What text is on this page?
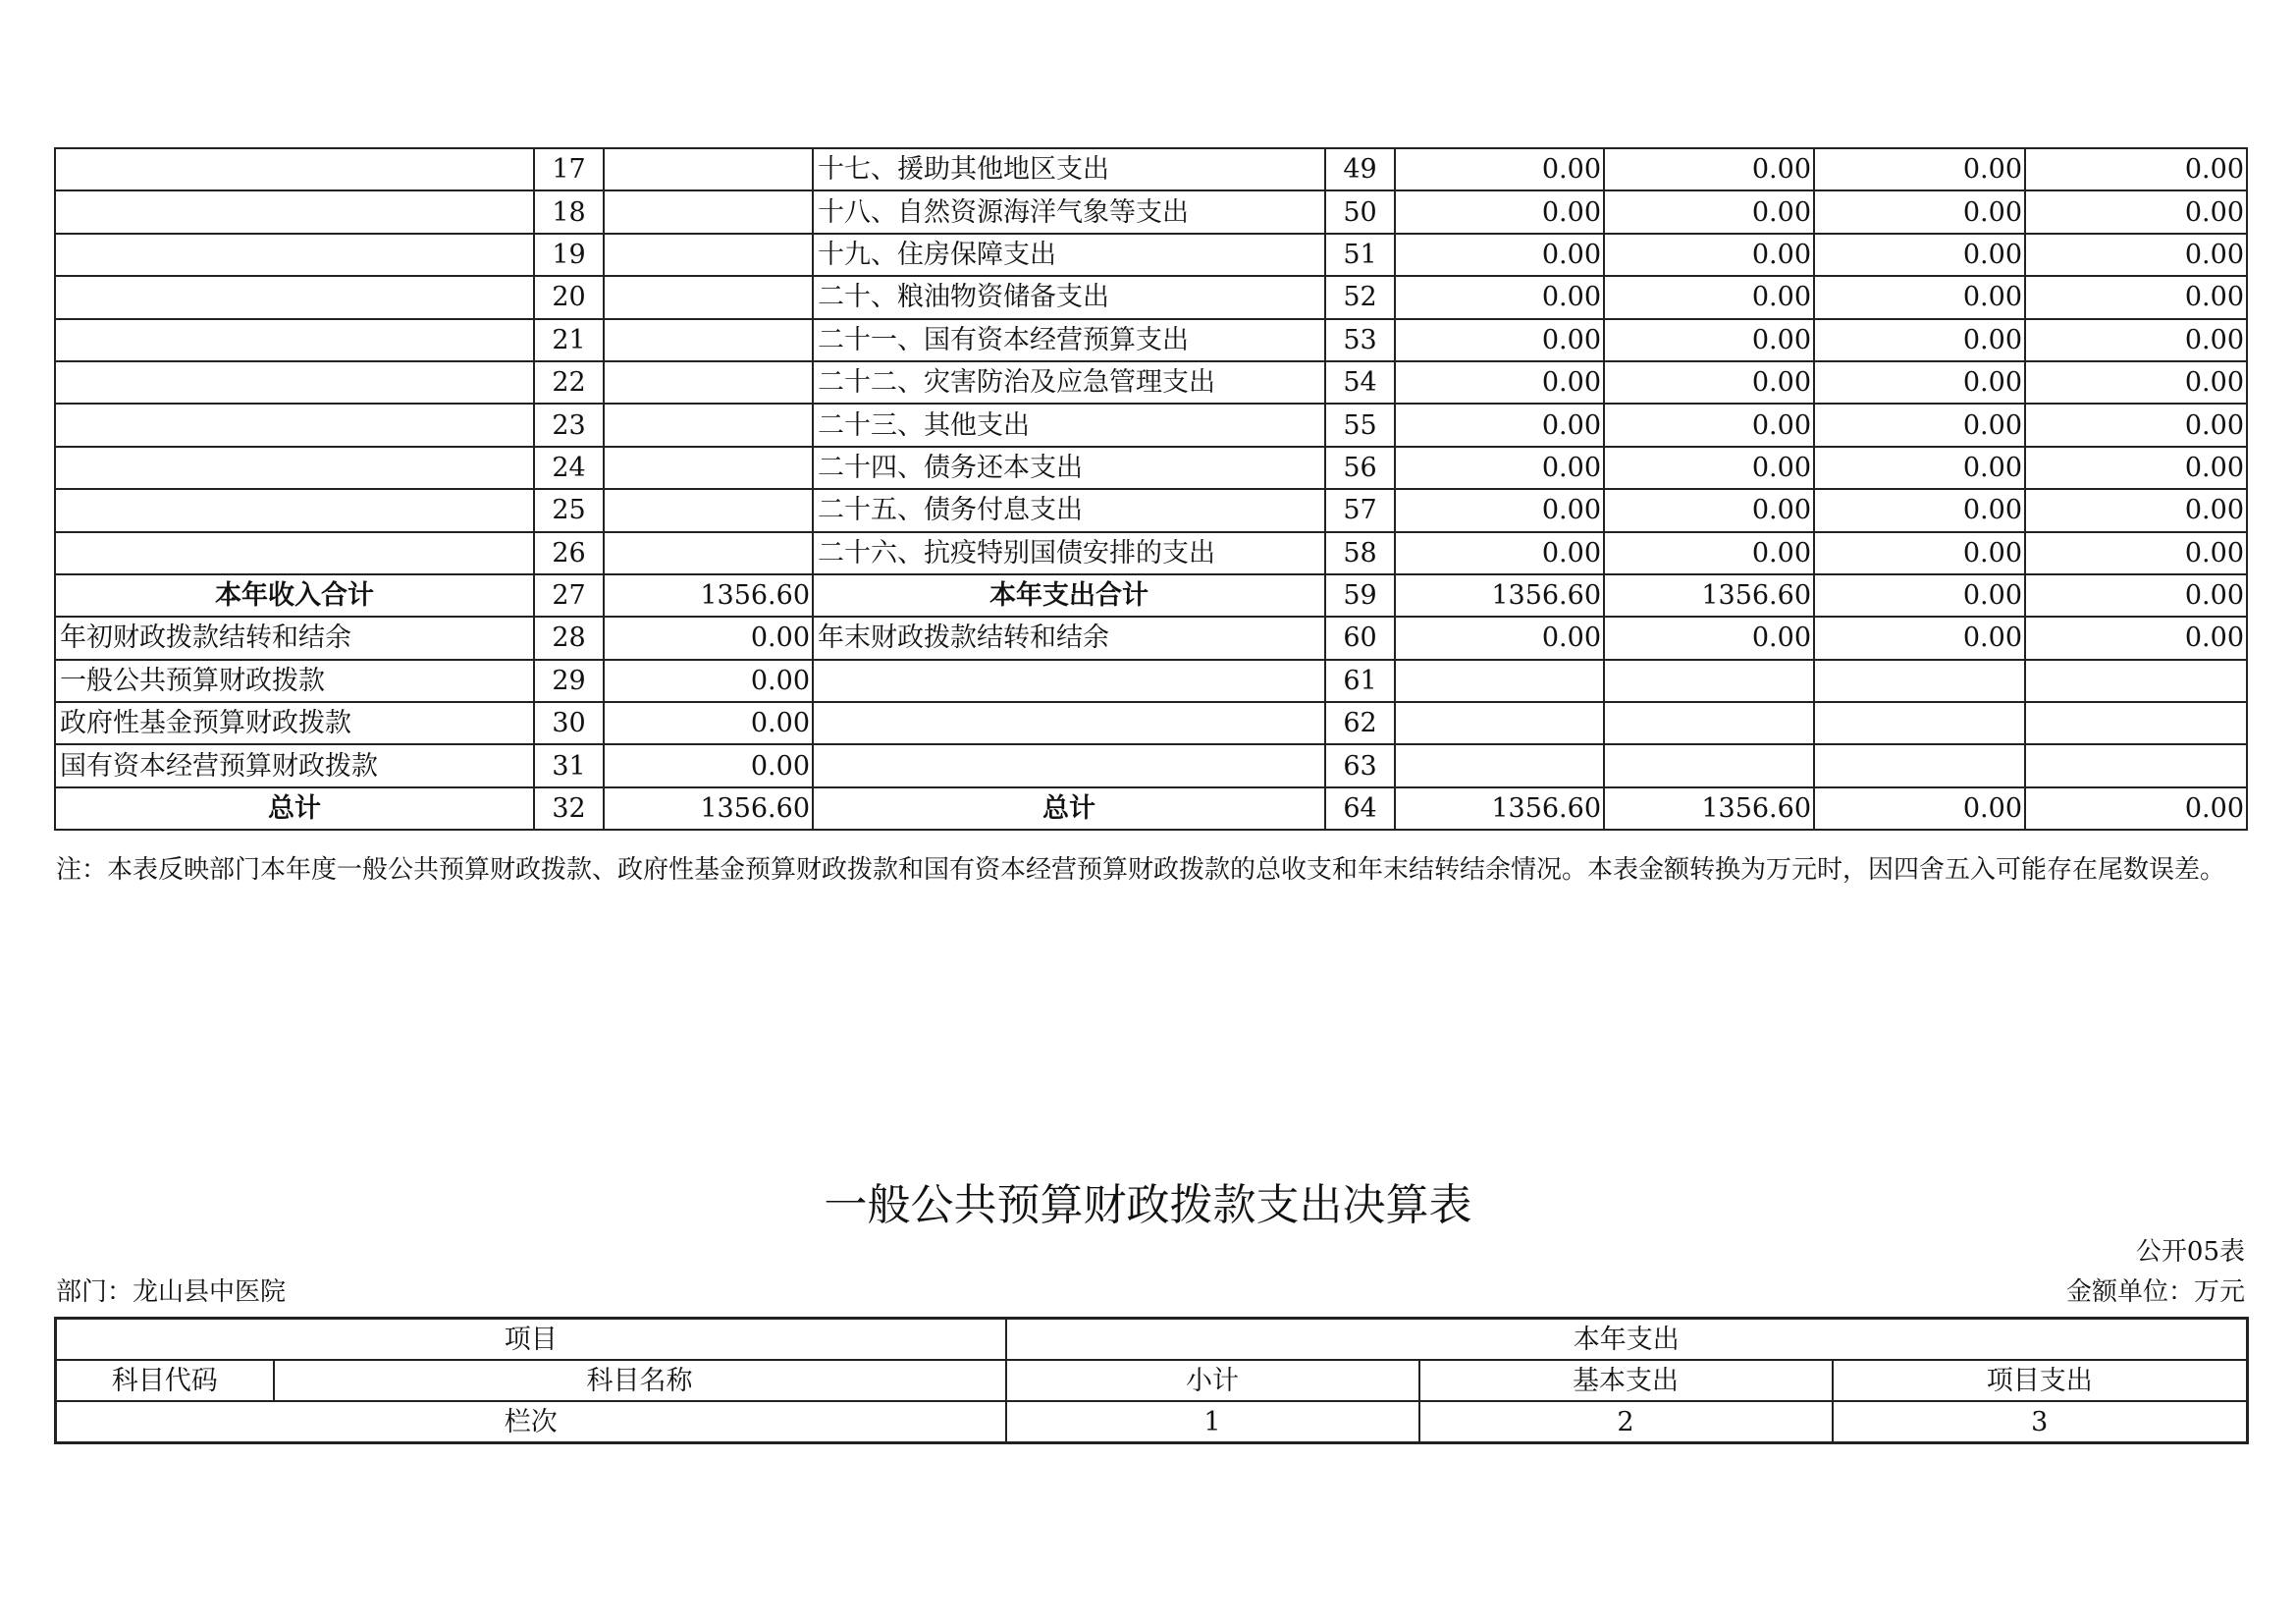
	17		十七、援助其他地区支出	49	0.00	0.00	0.00	0.00
	18		十八、自然资源海洋气象等支出	50	0.00	0.00	0.00	0.00
	19		十九、住房保障支出	51	0.00	0.00	0.00	0.00
	20		二十、粮油物资储备支出	52	0.00	0.00	0.00	0.00
	21		二十一、国有资本经营预算支出	53	0.00	0.00	0.00	0.00
	22		二十二、灾害防治及应急管理支出	54	0.00	0.00	0.00	0.00
	23		二十三、其他支出	55	0.00	0.00	0.00	0.00
	24		二十四、债务还本支出	56	0.00	0.00	0.00	0.00
	25		二十五、债务付息支出	57	0.00	0.00	0.00	0.00
	26		二十六、抗疫特别国债安排的支出	58	0.00	0.00	0.00	0.00
本年收入合计	27	1356.60	本年支出合计	59	1356.60	1356.60	0.00	0.00
年初财政拨款结转和结余	28	0.00	年末财政拨款结转和结余	60	0.00	0.00	0.00	0.00
一般公共预算财政拨款	29	0.00		61				
政府性基金预算财政拨款	30	0.00		62				
国有资本经营预算财政拨款	31	0.00		63				
总计	32	1356.60	总计	64	1356.60	1356.60	0.00	0.00
注：本表反映部门本年度一般公共预算财政拨款、政府性基金预算财政拨款和国有资本经营预算财政拨款的总收支和年末结转结余情况。本表金额转换为万元时，因四舍五入可能存在尾数误差。
一般公共预算财政拨款支出决算表
公开05表
部门：龙山县中医院	金额单位：万元
项目		本年支出		
科目代码	科目名称	小计	基本支出	项目支出
栏次		1	2	3
